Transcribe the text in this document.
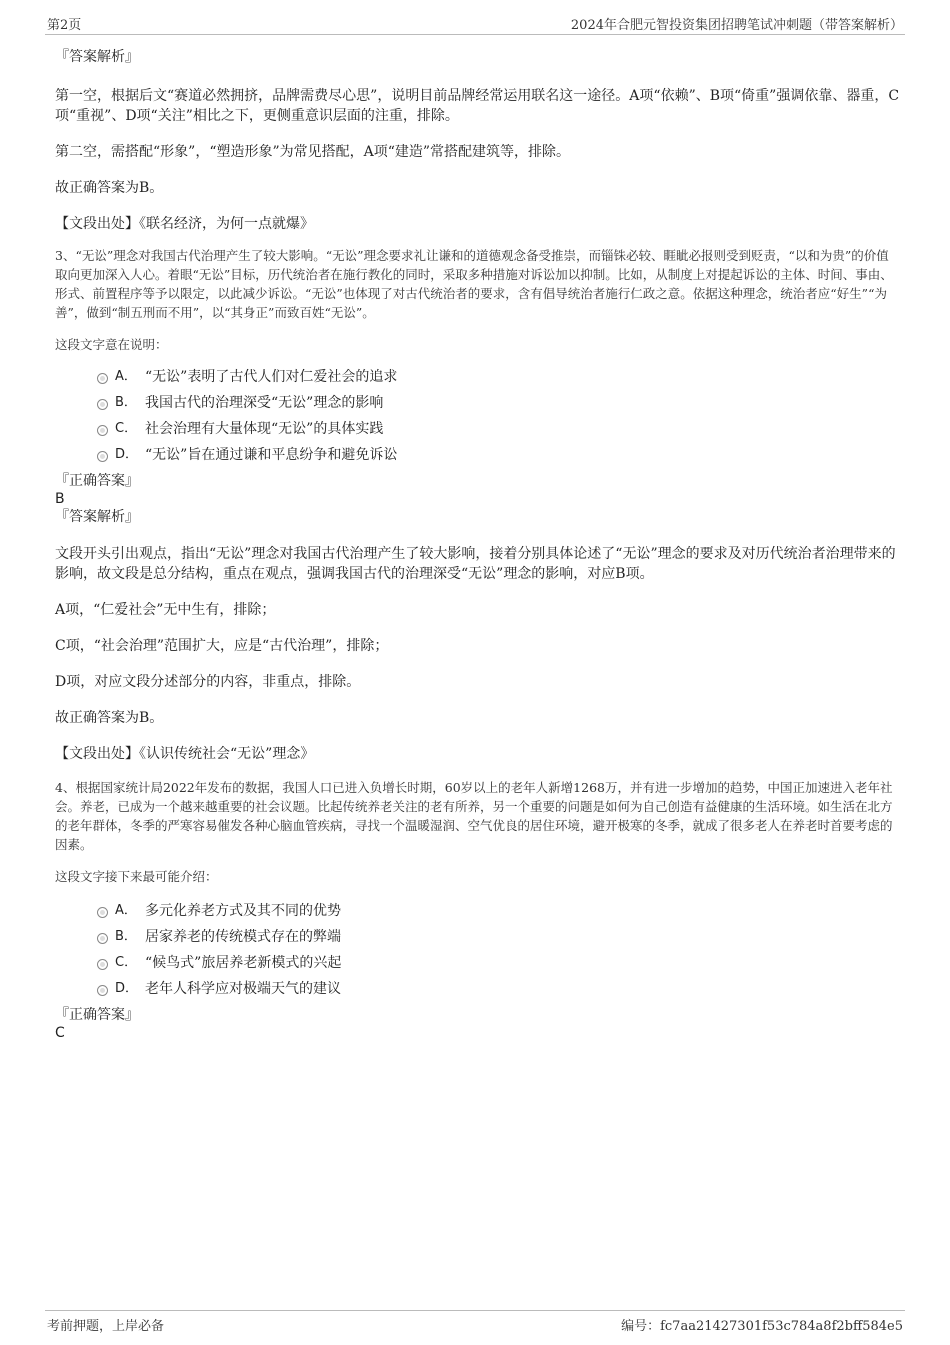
第2页	2024年合肥元智投资集团招聘笔试冲刺题（带答案解析）

『答案解析』

第一空，根据后文“赛道必然拥挤，品牌需费尽心思”，说明目前品牌经常运用联名这一途径。A项“依赖”、B项“倚重”强调依靠、器重，C项“重视”、D项“关注”相比之下，更侧重意识层面的注重，排除。

第二空，需搭配“形象”，“塑造形象”为常见搭配，A项“建造”常搭配建筑等，排除。

故正确答案为B。

【文段出处】《联名经济，为何一点就爆》

3、“无讼”理念对我国古代治理产生了较大影响。“无讼”理念要求礼让谦和的道德观念备受推崇，而锱铢必较、睚眦必报则受到贬责，“以和为贵”的价值取向更加深入人心。着眼“无讼”目标，历代统治者在施行教化的同时，采取多种措施对诉讼加以抑制。比如，从制度上对提起诉讼的主体、时间、事由、形式、前置程序等予以限定，以此减少诉讼。“无讼”也体现了对古代统治者的要求，含有倡导统治者施行仁政之意。依据这种理念，统治者应“好生”“为善”，做到“制五刑而不用”，以“其身正”而致百姓“无讼”。

这段文字意在说明：

A． “无讼”表明了古代人们对仁爱社会的追求
B． 我国古代的治理深受“无讼”理念的影响
C． 社会治理有大量体现“无讼”的具体实践
D． “无讼”旨在通过谦和平息纷争和避免诉讼

『正确答案』

B

『答案解析』

文段开头引出观点，指出“无讼”理念对我国古代治理产生了较大影响，接着分别具体论述了“无讼”理念的要求及对历代统治者治理带来的影响，故文段是总分结构，重点在观点，强调我国古代的治理深受“无讼”理念的影响，对应B项。

A项，“仁爱社会”无中生有，排除；

C项，“社会治理”范围扩大，应是“古代治理”，排除；

D项，对应文段分述部分的内容，非重点，排除。

故正确答案为B。

【文段出处】《认识传统社会“无讼”理念》

4、根据国家统计局2022年发布的数据，我国人口已进入负增长时期，60岁以上的老年人新增1268万，并有进一步增加的趋势，中国正加速进入老年社会。养老，已成为一个越来越重要的社会议题。比起传统养老关注的老有所养，另一个重要的问题是如何为自己创造有益健康的生活环境。如生活在北方的老年群体，冬季的严寒容易催发各种心脑血管疾病，寻找一个温暖湿润、空气优良的居住环境，避开极寒的冬季，就成了很多老人在养老时首要考虑的因素。

这段文字接下来最可能介绍：

A． 多元化养老方式及其不同的优势
B． 居家养老的传统模式存在的弊端
C． “候鸟式”旅居养老新模式的兴起
D． 老年人科学应对极端天气的建议

『正确答案』

C

考前押题，上岸必备	编号：fc7aa21427301f53c784a8f2bff584e5
